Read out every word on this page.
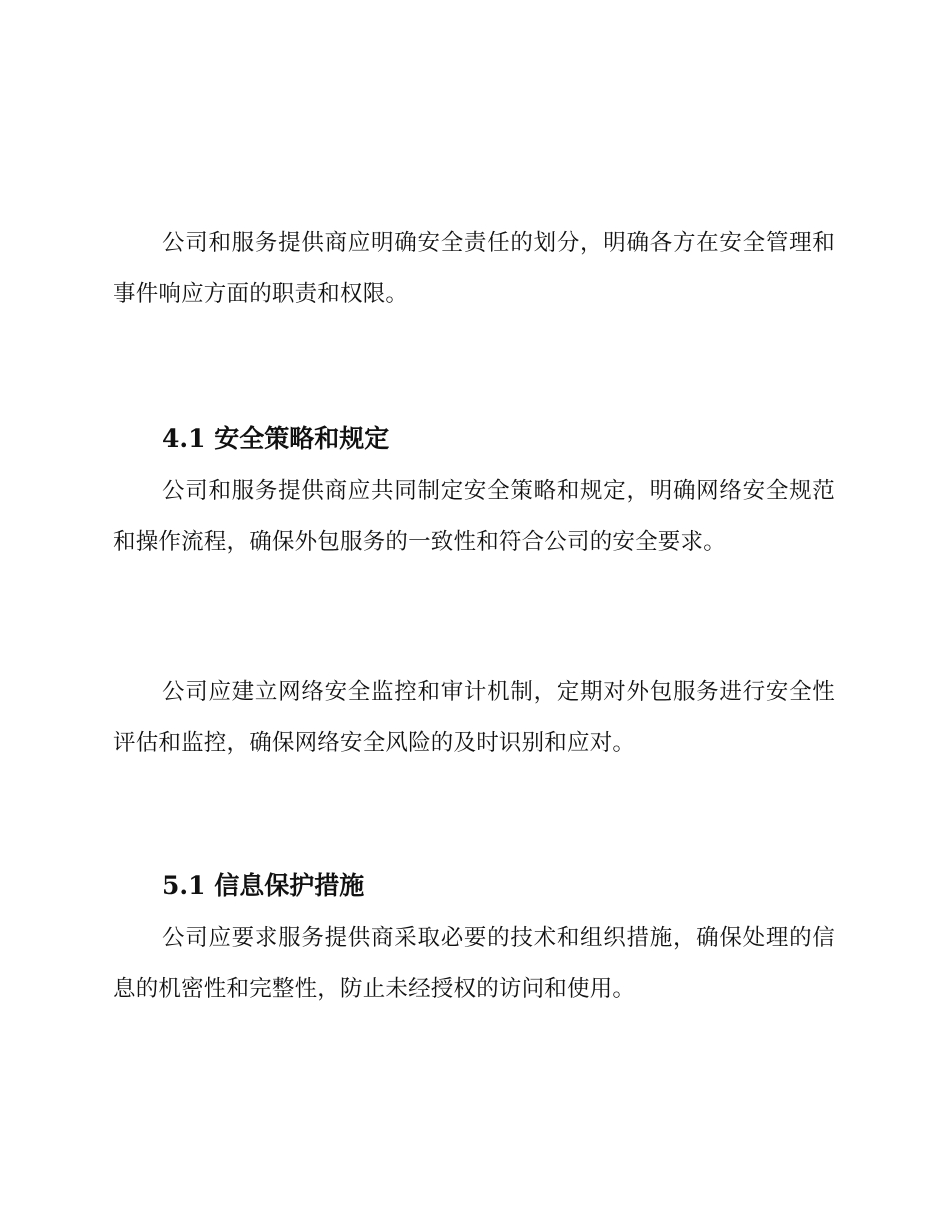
公司和服务提供商应明确安全责任的划分，明确各方在安全管理和事件响应方面的职责和权限。

4.1 安全策略和规定

公司和服务提供商应共同制定安全策略和规定，明确网络安全规范和操作流程，确保外包服务的一致性和符合公司的安全要求。

公司应建立网络安全监控和审计机制，定期对外包服务进行安全性评估和监控，确保网络安全风险的及时识别和应对。

5.1 信息保护措施

公司应要求服务提供商采取必要的技术和组织措施，确保处理的信息的机密性和完整性，防止未经授权的访问和使用。
